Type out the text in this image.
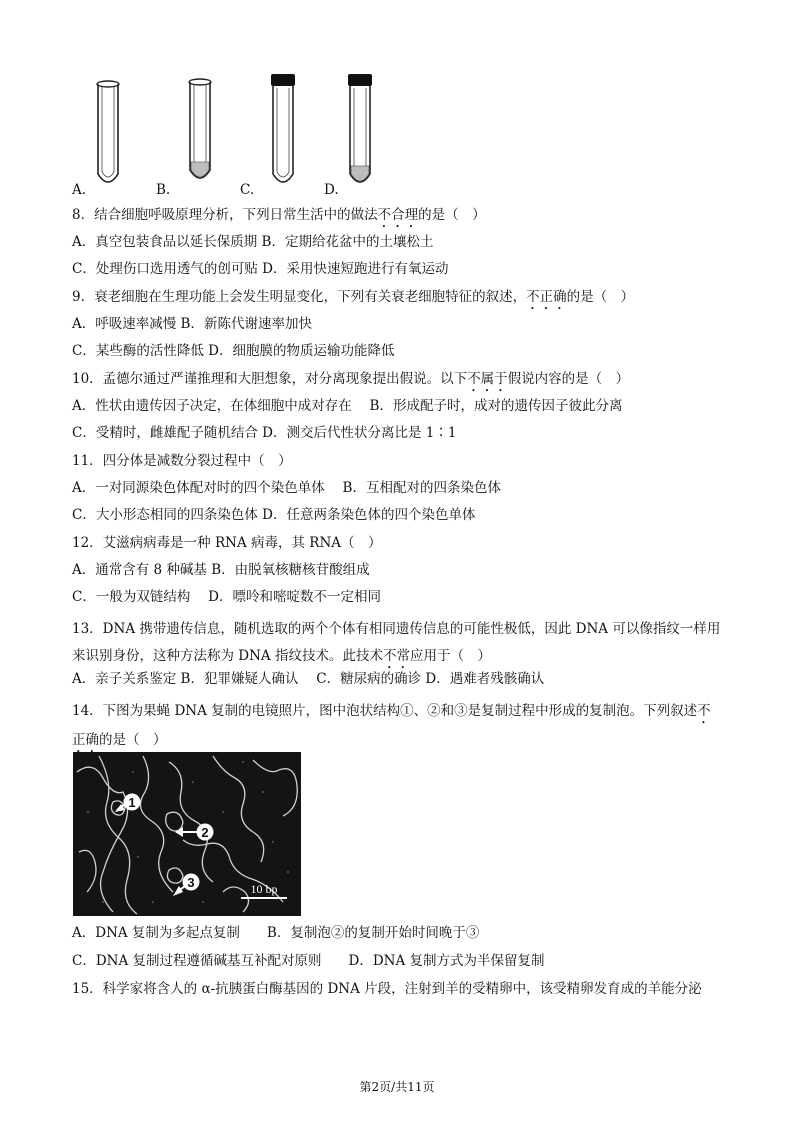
A.	B.	C.	D.
8．结合细胞呼吸原理分析，下列日常生活中的做法不合理的是（　）
A．真空包装食品以延长保质期 B．定期给花盆中的土壤松土
C．处理伤口选用透气的创可贴 D．采用快速短跑进行有氧运动
9．衰老细胞在生理功能上会发生明显变化，下列有关衰老细胞特征的叙述，不正确的是（　）
A．呼吸速率减慢 B．新陈代谢速率加快
C．某些酶的活性降低 D．细胞膜的物质运输功能降低
10．孟德尔通过严谨推理和大胆想象，对分离现象提出假说。以下不属于假说内容的是（　）
A．性状由遗传因子决定，在体细胞中成对存在　 B．形成配子时，成对的遗传因子彼此分离
C．受精时，雌雄配子随机结合 D．测交后代性状分离比是 1∶1
11．四分体是减数分裂过程中（　）
A．一对同源染色体配对时的四个染色单体　 B．互相配对的四条染色体
C．大小形态相同的四条染色体 D．任意两条染色体的四个染色单体
12．艾滋病病毒是一种 RNA 病毒，其 RNA（　）
A．通常含有 8 种碱基 B．由脱氧核糖核苷酸组成
C．一般为双链结构　 D．嘌呤和嘧啶数不一定相同
13．DNA 携带遗传信息，随机选取的两个个体有相同遗传信息的可能性极低，因此 DNA 可以像指纹一样用来识别身份，这种方法称为 DNA 指纹技术。此技术不常应用于（　）
A．亲子关系鉴定 B．犯罪嫌疑人确认　 C．糖尿病的确诊 D．遇难者残骸确认
14．下图为果蝇 DNA 复制的电镜照片，图中泡状结构①、②和③是复制过程中形成的复制泡。下列叙述不正确的是（　）
1
2
3	10 bp
A．DNA 复制为多起点复制　　B．复制泡②的复制开始时间晚于③
C．DNA 复制过程遵循碱基互补配对原则　　D．DNA 复制方式为半保留复制
15．科学家将含人的 α-抗胰蛋白酶基因的 DNA 片段，注射到羊的受精卵中，该受精卵发育成的羊能分泌
第2页/共11页
